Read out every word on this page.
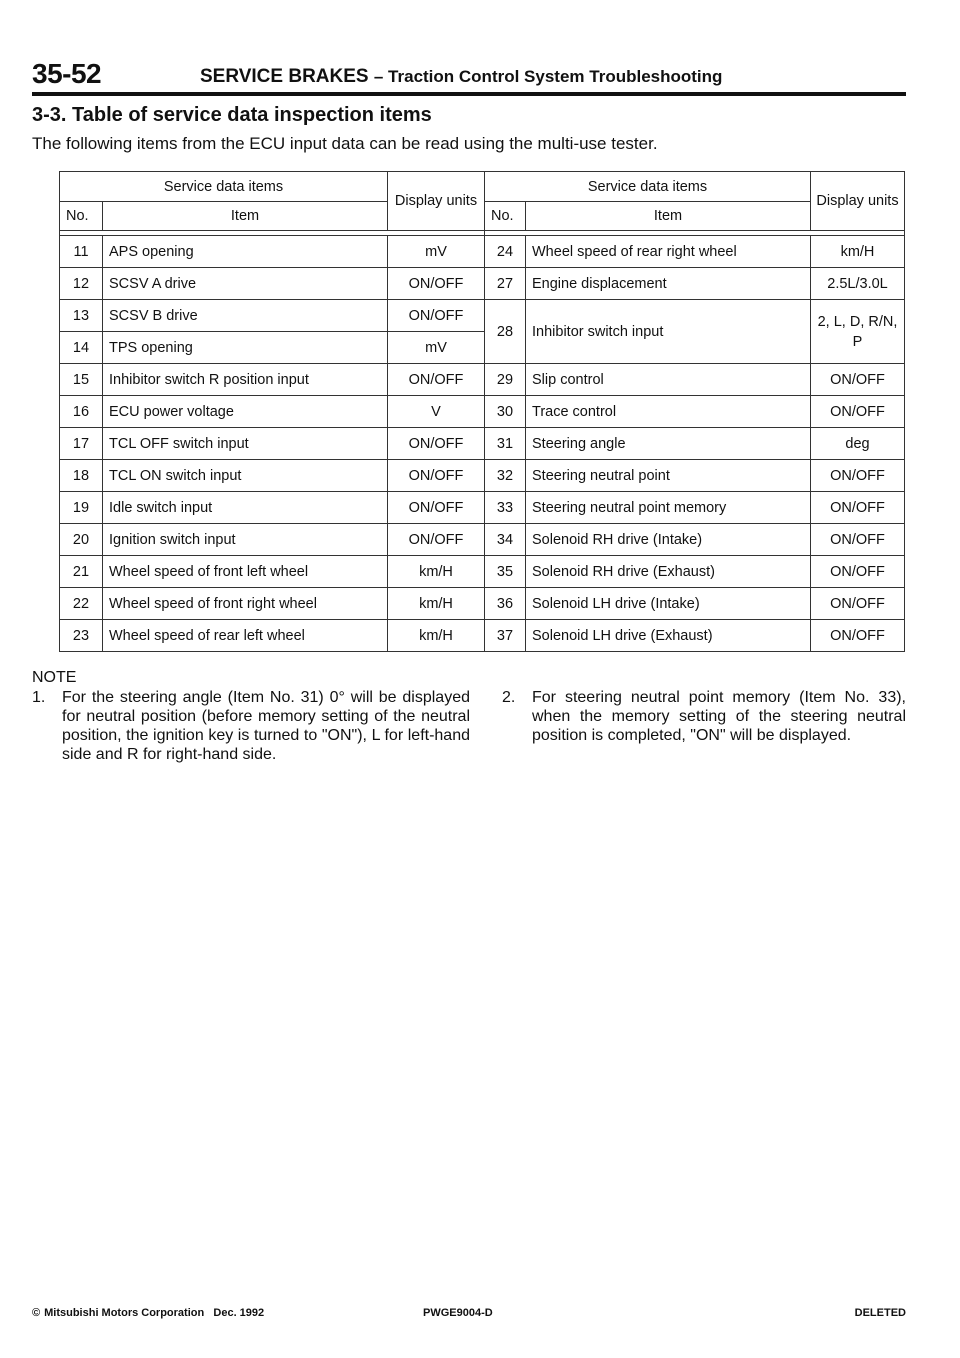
35-52	SERVICE BRAKES – Traction Control System Troubleshooting
3-3. Table of service data inspection items
The following items from the ECU input data can be read using the multi-use tester.
Service data items		Display units	Service data items		Display units
No.	Item		No.	Item	

11	APS opening	mV	24	Wheel speed of rear right wheel	km/H
12	SCSV A drive	ON/OFF	27	Engine displacement	2.5L/3.0L
13	SCSV B drive	ON/OFF	28	Inhibitor switch input	2, L, D, R/N, P
14	TPS opening	mV			
15	Inhibitor switch R position input	ON/OFF	29	Slip control	ON/OFF
16	ECU power voltage	V	30	Trace control	ON/OFF
17	TCL OFF switch input	ON/OFF	31	Steering angle	deg
18	TCL ON switch input	ON/OFF	32	Steering neutral point	ON/OFF
19	Idle switch input	ON/OFF	33	Steering neutral point memory	ON/OFF
20	Ignition switch input	ON/OFF	34	Solenoid RH drive (Intake)	ON/OFF
21	Wheel speed of front left wheel	km/H	35	Solenoid RH drive (Exhaust)	ON/OFF
22	Wheel speed of front right wheel	km/H	36	Solenoid LH drive (Intake)	ON/OFF
23	Wheel speed of rear left wheel	km/H	37	Solenoid LH drive (Exhaust)	ON/OFF
NOTE
1. For the steering angle (Item No. 31) 0° will be displayed for neutral position (before memory setting of the neutral position, the ignition key is turned to "ON"), L for left-hand side and R for right-hand side.
2. For steering neutral point memory (Item No. 33), when the memory setting of the steering neutral position is completed, "ON" will be displayed.
© Mitsubishi Motors Corporation Dec. 1992	PWGE9004-D	DELETED
